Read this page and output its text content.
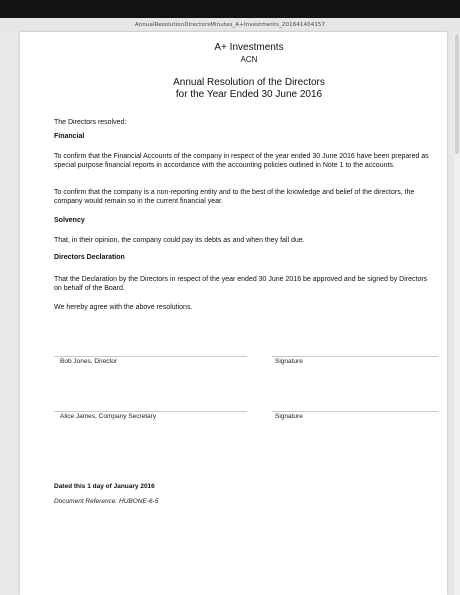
AnnualResolutionDirectorsMinutes_A+Investments_201641404157
A+ Investments
ACN
Annual Resolution of the Directors
for the Year Ended 30 June 2016
The Directors resolved:
Financial
To confirm that the Financial Accounts of the company in respect of the year ended 30 June 2016 have been prepared as special purpose financial reports in accordance with the accounting policies outlined in Note 1 to the accounts.
To confirm that the company is a non-reporting entity and to the best of the knowledge and belief of the directors, the company would remain so in the current financial year.
Solvency
That, in their opinion, the company could pay its debts as and when they fall due.
Directors Declaration
That the Declaration by the Directors in respect of the year ended 30 June 2016 be approved and be signed by Directors on behalf of the Board.
We hereby agree with the above resolutions.
Bob Jones, Director	Signature
Alice James, Company Secretary	Signature
Dated this 1 day of January 2016
Document Reference: HUBONE-6-5
